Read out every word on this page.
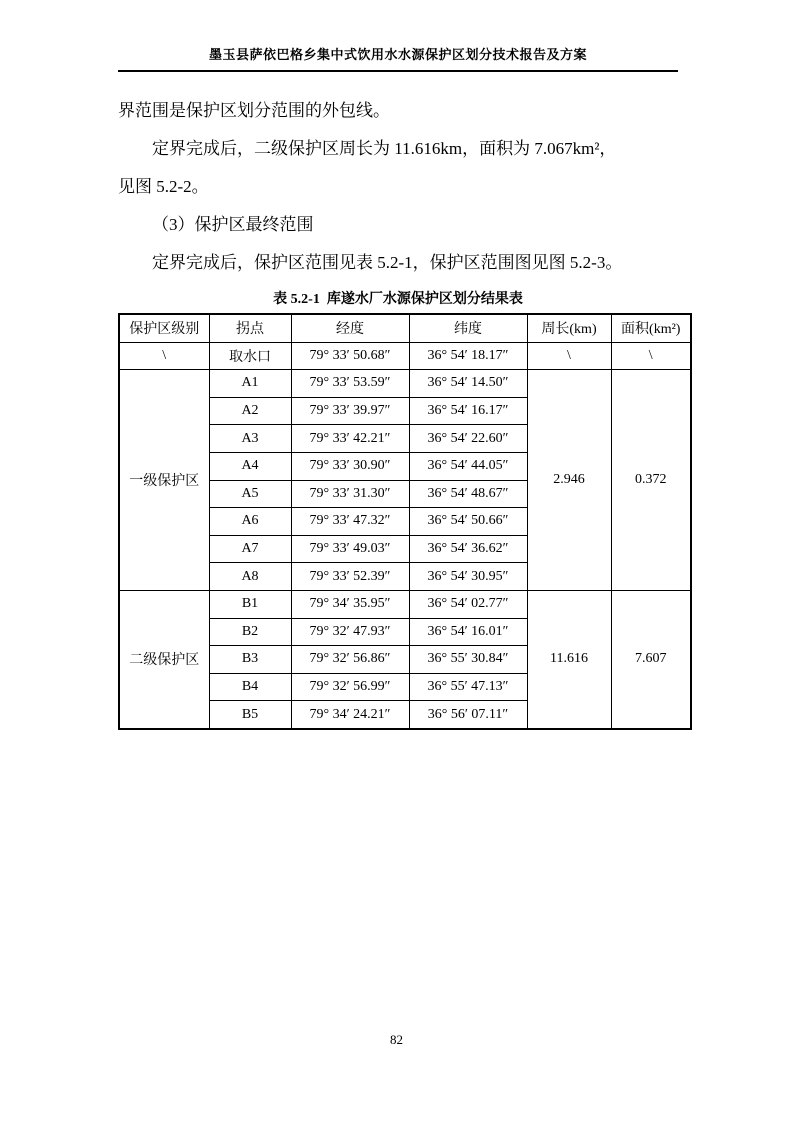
墨玉县萨依巴格乡集中式饮用水水源保护区划分技术报告及方案

界范围是保护区划分范围的外包线。

定界完成后，二级保护区周长为 11.616km，面积为 7.067km²，
见图 5.2-2。

（3）保护区最终范围

定界完成后，保护区范围见表 5.2-1，保护区范围图见图 5.2-3。

表 5.2-1  库遂水厂水源保护区划分结果表
保护区级别	拐点	经度	纬度	周长(km)	面积(km²)
\	取水口	79° 33′ 50.68″	36° 54′ 18.17″	\	\
一级保护区	A1	79° 33′ 53.59″	36° 54′ 14.50″	2.946	0.372
	A2	79° 33′ 39.97″	36° 54′ 16.17″		
	A3	79° 33′ 42.21″	36° 54′ 22.60″		
	A4	79° 33′ 30.90″	36° 54′ 44.05″		
	A5	79° 33′ 31.30″	36° 54′ 48.67″		
	A6	79° 33′ 47.32″	36° 54′ 50.66″		
	A7	79° 33′ 49.03″	36° 54′ 36.62″		
	A8	79° 33′ 52.39″	36° 54′ 30.95″		
二级保护区	B1	79° 34′ 35.95″	36° 54′ 02.77″	11.616	7.607
	B2	79° 32′ 47.93″	36° 54′ 16.01″		
	B3	79° 32′ 56.86″	36° 55′ 30.84″		
	B4	79° 32′ 56.99″	36° 55′ 47.13″		
	B5	79° 34′ 24.21″	36° 56′ 07.11″		
82
